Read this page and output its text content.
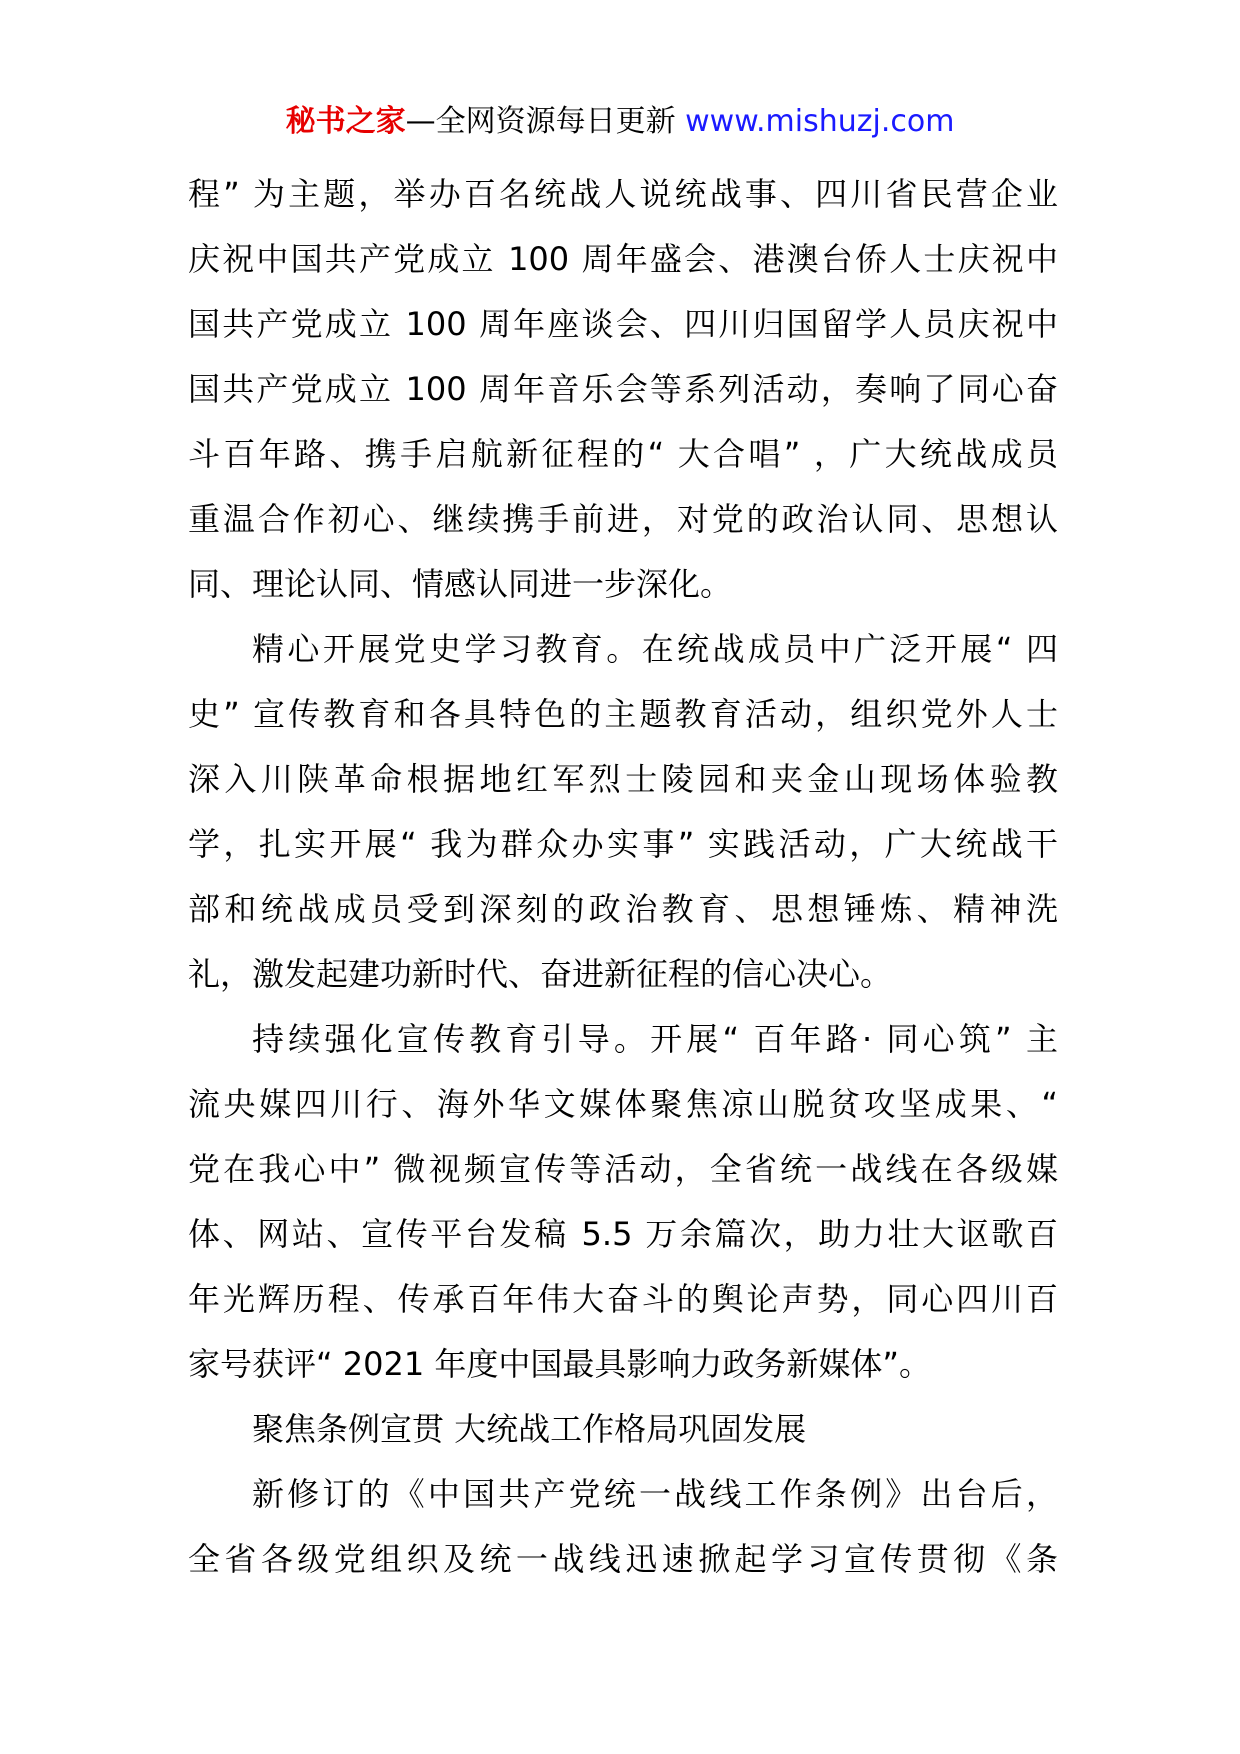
秘书之家—全网资源每日更新 www.mishuzj.com
程” 为主题，举办百名统战人说统战事、四川省民营企业
庆祝中国共产党成立 100 周年盛会、港澳台侨人士庆祝中
国共产党成立 100 周年座谈会、四川归国留学人员庆祝中
国共产党成立 100 周年音乐会等系列活动，奏响了同心奋
斗百年路、携手启航新征程的“ 大合唱” ，广大统战成员
重温合作初心、继续携手前进，对党的政治认同、思想认
同、理论认同、情感认同进一步深化。
精心开展党史学习教育。在统战成员中广泛开展“ 四
史” 宣传教育和各具特色的主题教育活动，组织党外人士
深入川陕革命根据地红军烈士陵园和夹金山现场体验教
学，扎实开展“ 我为群众办实事” 实践活动，广大统战干
部和统战成员受到深刻的政治教育、思想锤炼、精神洗
礼，激发起建功新时代、奋进新征程的信心决心。
持续强化宣传教育引导。开展“ 百年路· 同心筑” 主
流央媒四川行、海外华文媒体聚焦凉山脱贫攻坚成果、“
党在我心中” 微视频宣传等活动，全省统一战线在各级媒
体、网站、宣传平台发稿 5.5 万余篇次，助力壮大讴歌百
年光辉历程、传承百年伟大奋斗的舆论声势，同心四川百
家号获评“ 2021 年度中国最具影响力政务新媒体”。
聚焦条例宣贯 大统战工作格局巩固发展
新修订的《中国共产党统一战线工作条例》出台后，
全省各级党组织及统一战线迅速掀起学习宣传贯彻《条
